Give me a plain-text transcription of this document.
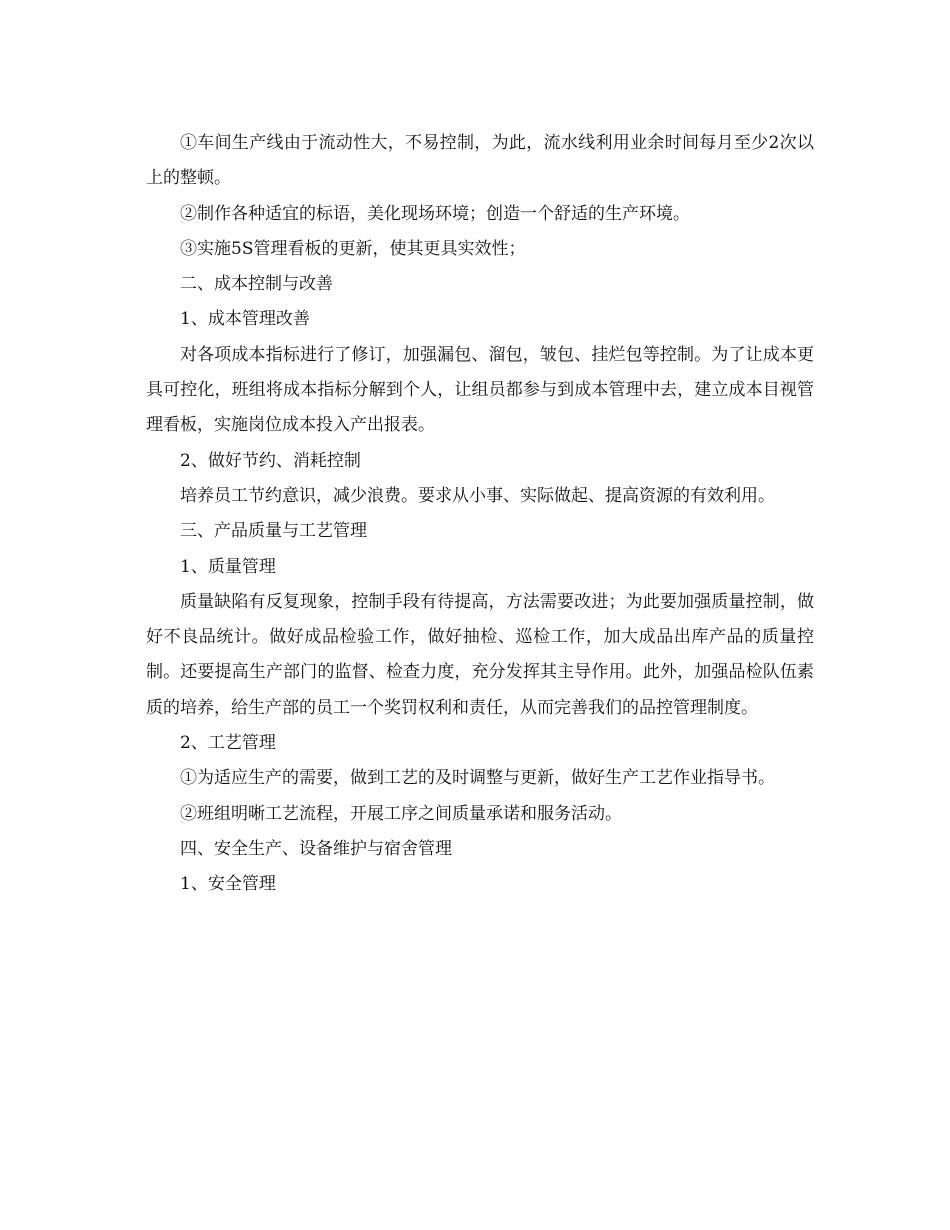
①车间生产线由于流动性大，不易控制，为此，流水线利用业余时间每月至少2次以上的整顿。

②制作各种适宜的标语，美化现场环境；创造一个舒适的生产环境。

③实施5S管理看板的更新，使其更具实效性；

二、成本控制与改善

1、成本管理改善

对各项成本指标进行了修订，加强漏包、溜包，皱包、挂烂包等控制。为了让成本更具可控化，班组将成本指标分解到个人，让组员都参与到成本管理中去，建立成本目视管理看板，实施岗位成本投入产出报表。

2、做好节约、消耗控制

培养员工节约意识，减少浪费。要求从小事、实际做起、提高资源的有效利用。

三、产品质量与工艺管理

1、质量管理

质量缺陷有反复现象，控制手段有待提高，方法需要改进；为此要加强质量控制，做好不良品统计。做好成品检验工作，做好抽检、巡检工作，加大成品出库产品的质量控制。还要提高生产部门的监督、检查力度，充分发挥其主导作用。此外，加强品检队伍素质的培养，给生产部的员工一个奖罚权利和责任，从而完善我们的品控管理制度。

2、工艺管理

①为适应生产的需要，做到工艺的及时调整与更新，做好生产工艺作业指导书。

②班组明晰工艺流程，开展工序之间质量承诺和服务活动。

四、安全生产、设备维护与宿舍管理

1、安全管理
